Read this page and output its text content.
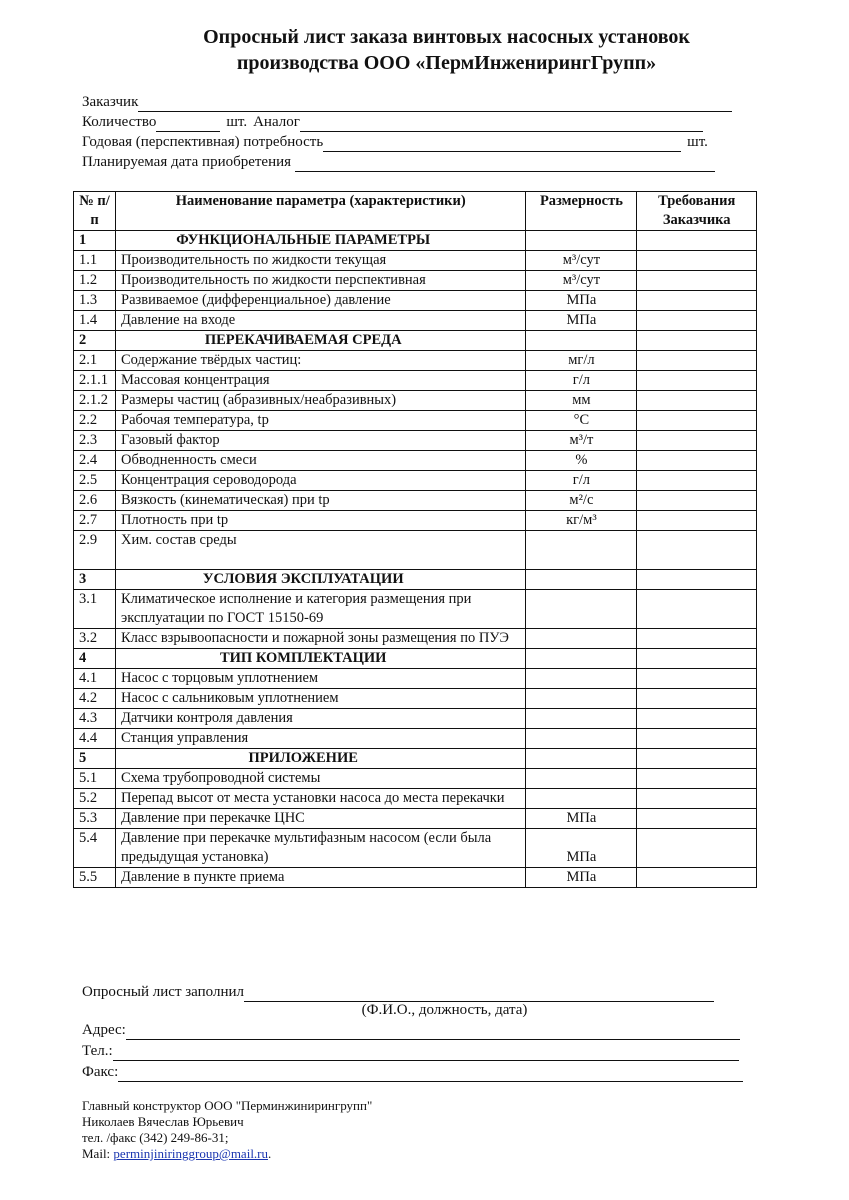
Опросный лист заказа винтовых насосных установок
производства ООО «ПермИнженирингГрупп»
Заказчик
Количество	шт. Аналог
Годовая (перспективная) потребность	шт.
Планируемая дата приобретения
№ п/п	Наименование параметра (характеристики)	Размерность	Требования Заказчика
1	ФУНКЦИОНАЛЬНЫЕ ПАРАМЕТРЫ		
1.1	Производительность по жидкости текущая	м³/сут	
1.2	Производительность по жидкости перспективная	м³/сут	
1.3	Развиваемое (дифференциальное) давление	МПа	
1.4	Давление на входе	МПа	
2	ПЕРЕКАЧИВАЕМАЯ СРЕДА		
2.1	Содержание твёрдых частиц:	мг/л	
2.1.1	Массовая концентрация	г/л	
2.1.2	Размеры частиц (абразивных/неабразивных)	мм	
2.2	Рабочая температура, tр	°С	
2.3	Газовый фактор	м³/т	
2.4	Обводненность смеси	%	
2.5	Концентрация сероводорода	г/л	
2.6	Вязкость (кинематическая) при tр	м²/с	
2.7	Плотность при tр	кг/м³	
2.9	Хим. состав среды		
3	УСЛОВИЯ ЭКСПЛУАТАЦИИ		
3.1	Климатическое исполнение и категория размещения при эксплуатации по ГОСТ 15150-69		
3.2	Класс взрывоопасности и пожарной зоны размещения по ПУЭ		
4	ТИП КОМПЛЕКТАЦИИ		
4.1	Насос с торцовым уплотнением		
4.2	Насос с сальниковым уплотнением		
4.3	Датчики контроля давления		
4.4	Станция управления		
5	ПРИЛОЖЕНИЕ		
5.1	Схема трубопроводной системы		
5.2	Перепад высот от места установки насоса до места перекачки		
5.3	Давление при перекачке ЦНС	МПа	
5.4	Давление при перекачке мультифазным насосом (если была предыдущая установка)	МПа	
5.5	Давление в пункте приема	МПа	
Опросный лист заполнил
(Ф.И.О., должность, дата)
Адрес:
Тел.:
Факс:
Главный конструктор ООО "Перминжинирингрупп"
Николаев Вячеслав Юрьевич
тел. /факс (342) 249-86-31;
Mail: perminjiniringgroup@mail.ru.
